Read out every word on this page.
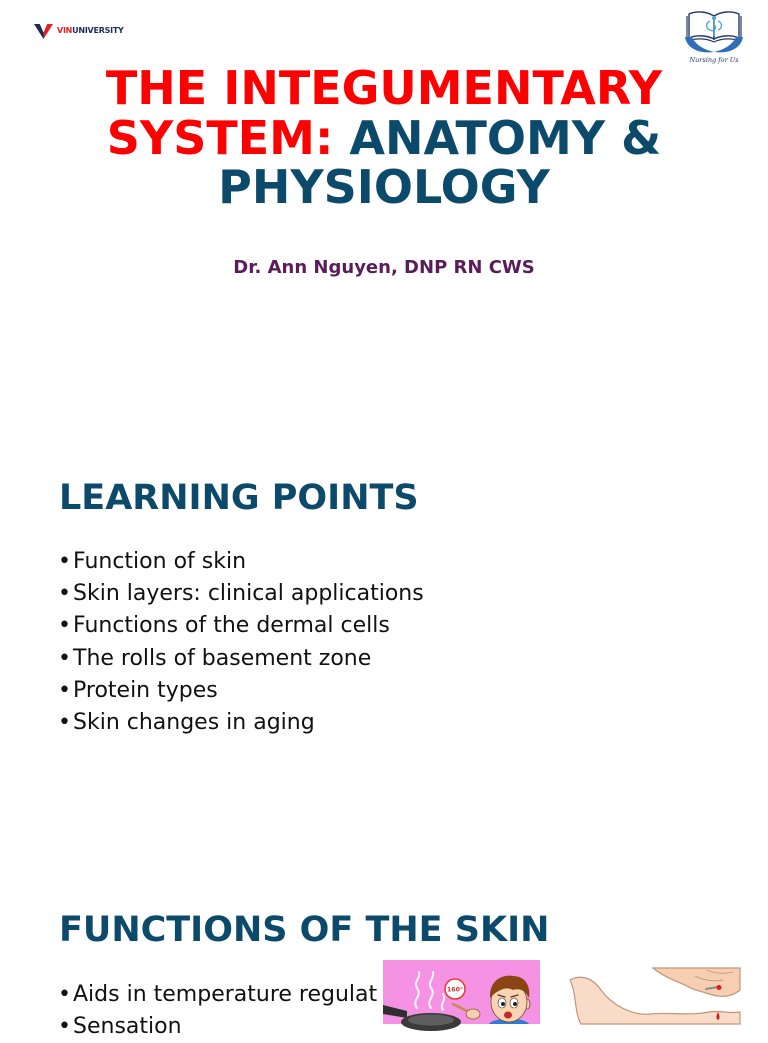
VINUNIVERSITY
Nursing for Us
THE INTEGUMENTARY
SYSTEM: ANATOMY &
PHYSIOLOGY
Dr. Ann Nguyen, DNP RN CWS
LEARNING POINTS
• Function of skin
• Skin layers: clinical applications
• Functions of the dermal cells
• The rolls of basement zone
• Protein types
• Skin changes in aging
FUNCTIONS OF THE SKIN
• Aids in temperature regulat
• Sensation
160°
